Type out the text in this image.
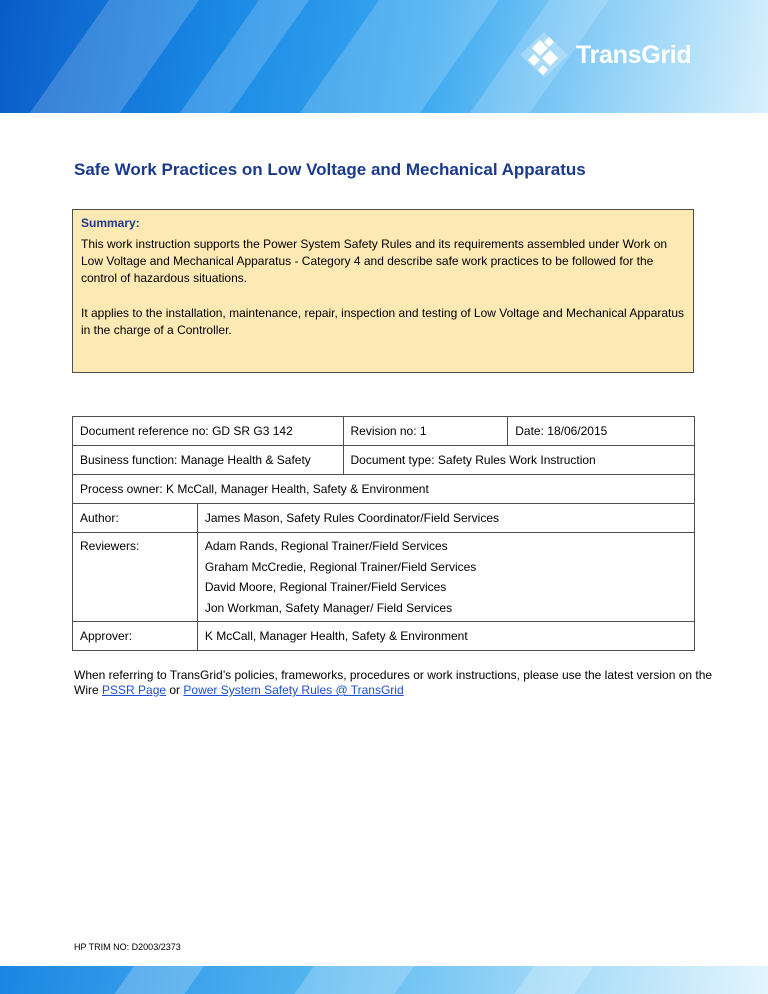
TransGrid
Safe Work Practices on Low Voltage and Mechanical Apparatus
Summary:

This work instruction supports the Power System Safety Rules and its requirements assembled under Work on Low Voltage and Mechanical Apparatus - Category 4 and describe safe work practices to be followed for the control of hazardous situations.

It applies to the installation, maintenance, repair, inspection and testing of Low Voltage and Mechanical Apparatus in the charge of a Controller.

Document reference no: GD SR G3 142		Revision no: 1	Date: 18/06/2015
Business function: Manage Health & Safety		Document type: Safety Rules Work Instruction	
Process owner: K McCall, Manager Health, Safety & Environment			
Author:	James Mason, Safety Rules Coordinator/Field Services		
Reviewers:	Adam Rands, Regional Trainer/Field Services
Graham McCredie, Regional Trainer/Field Services
David Moore, Regional Trainer/Field Services
Jon Workman, Safety Manager/ Field Services		

Approver:	K McCall, Manager Health, Safety & Environment		
When referring to TransGrid’s policies, frameworks, procedures or work instructions, please use the latest version on the Wire PSSR Page or Power System Safety Rules @ TransGrid
HP TRIM NO: D2003/2373
